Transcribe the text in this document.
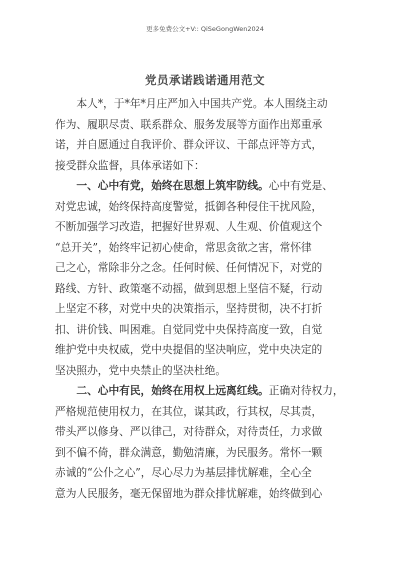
更多免费公文+V:: QiSeGongWen2024
党员承诺践诺通用范文
　　本人*，于*年*月庄严加入中国共产党。本人围绕主动
作为、履职尽责、联系群众、服务发展等方面作出郑重承
诺，并自愿通过自我评价、群众评议、干部点评等方式，
接受群众监督，具体承诺如下：
　　一、心中有党，始终在思想上筑牢防线。心中有党是、
对党忠诚，始终保持高度警觉，抵御各种侵住干扰风险，
不断加强学习改造，把握好世界观、人生观、价值观这个
“总开关”，始终牢记初心使命，常思贪欲之害，常怀律
己之心，常除非分之念。任何时候、任何情况下，对党的
路线、方针、政策毫不动摇，做到思想上坚信不疑，行动
上坚定不移，对党中央的决策指示，坚持贯彻，决不打折
扣、讲价钱、叫困难。自觉同党中央保持高度一致，自觉
维护党中央权威，党中央提倡的坚决响应，党中央决定的
坚决照办，党中央禁止的坚决杜绝。
　　二、心中有民，始终在用权上远离红线。正确对待权力，
严格规范使用权力，在其位，谋其政，行其权，尽其责，
带头严以修身、严以律己，对待群众，对待责任，力求做
到不偏不倚，群众满意，勤勉清廉，为民服务。常怀一颗
赤诚的“公仆之心”，尽心尽力为基层排忧解难，全心全
意为人民服务，毫无保留地为群众排忧解难，始终做到心
